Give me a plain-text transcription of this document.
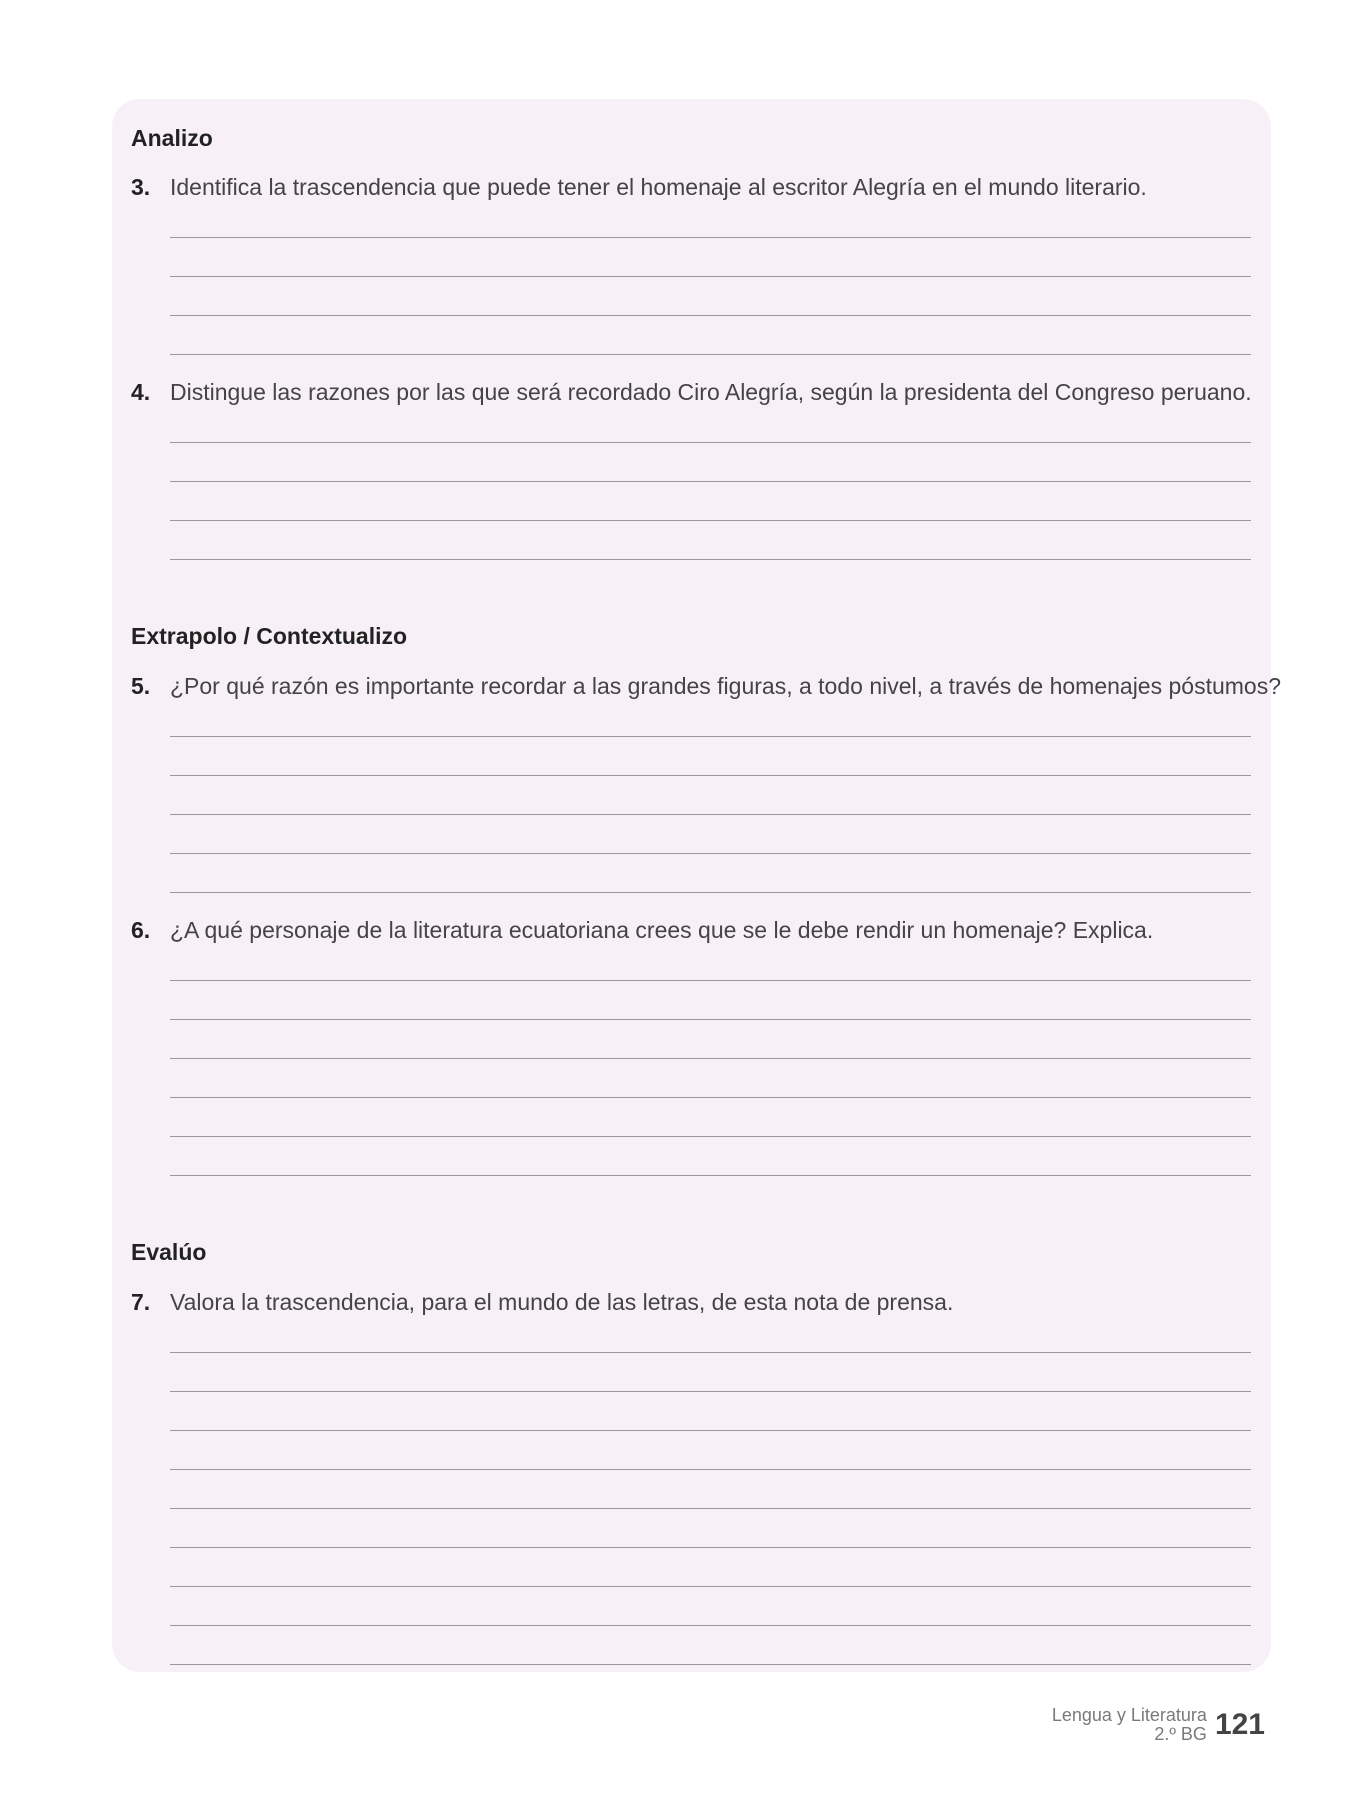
Analizo
3. Identifica la trascendencia que puede tener el homenaje al escritor Alegría en el mundo literario.
4. Distingue las razones por las que será recordado Ciro Alegría, según la presidenta del Congreso peruano.
Extrapolo / Contextualizo
5. ¿Por qué razón es importante recordar a las grandes figuras, a todo nivel, a través de homenajes póstumos?
6. ¿A qué personaje de la literatura ecuatoriana crees que se le debe rendir un homenaje? Explica.
Evalúo
7. Valora la trascendencia, para el mundo de las letras, de esta nota de prensa.
Lengua y Literatura
2.º BG 121
